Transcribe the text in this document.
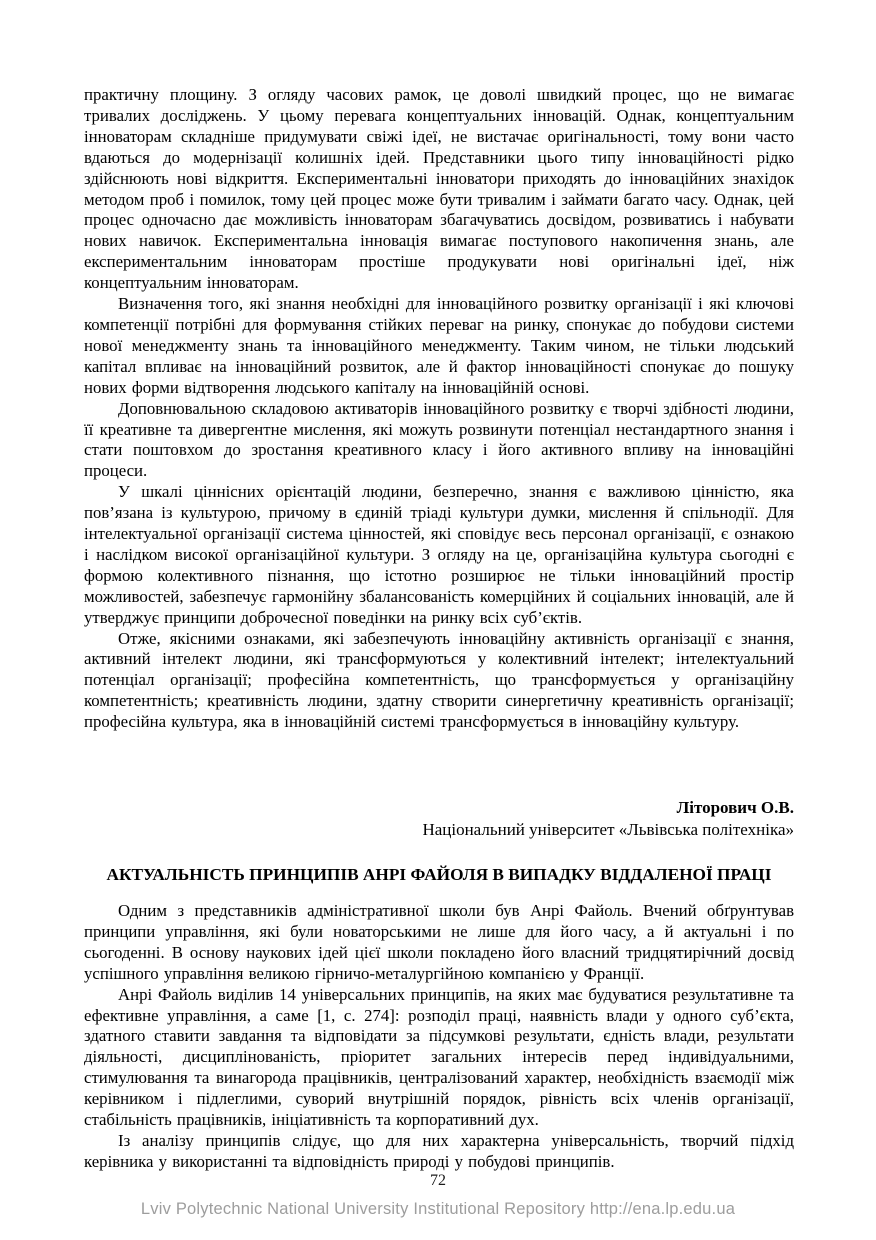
практичну площину. З огляду часових рамок, це доволі швидкий процес, що не вимагає тривалих досліджень. У цьому перевага концептуальних інновацій. Однак, концептуальним інноваторам складніше придумувати свіжі ідеї, не вистачає оригінальності, тому вони часто вдаються до модернізації колишніх ідей. Представники цього типу інноваційності рідко здійснюють нові відкриття. Експериментальні інноватори приходять до інноваційних знахідок методом проб і помилок, тому цей процес може бути тривалим і займати багато часу. Однак, цей процес одночасно дає можливість інноваторам збагачуватись досвідом, розвиватись і набувати нових навичок. Експериментальна інновація вимагає поступового накопичення знань, але експериментальним інноваторам простіше продукувати нові оригінальні ідеї, ніж концептуальним інноваторам.

Визначення того, які знання необхідні для інноваційного розвитку організації і які ключові компетенції потрібні для формування стійких переваг на ринку, спонукає до побудови системи нової менеджменту знань та інноваційного менеджменту. Таким чином, не тільки людський капітал впливає на інноваційний розвиток, але й фактор інноваційності спонукає до пошуку нових форми відтворення людського капіталу на інноваційній основі.

Доповнювальною складовою активаторів інноваційного розвитку є творчі здібності людини, її креативне та дивергентне мислення, які можуть розвинути потенціал нестандартного знання і стати поштовхом до зростання креативного класу і його активного впливу на інноваційні процеси.

У шкалі ціннісних орієнтацій людини, безперечно, знання є важливою цінністю, яка пов’язана із культурою, причому в єдиній тріаді культури думки, мислення й спільнодії. Для інтелектуальної організації система цінностей, які сповідує весь персонал організації, є ознакою і наслідком високої організаційної культури. З огляду на це, організаційна культура сьогодні є формою колективного пізнання, що істотно розширює не тільки інноваційний простір можливостей, забезпечує гармонійну збалансованість комерційних й соціальних інновацій, але й утверджує принципи доброчесної поведінки на ринку всіх суб’єктів.

Отже, якісними ознаками, які забезпечують інноваційну активність організації є знання, активний інтелект людини, які трансформуються у колективний інтелект; інтелектуальний потенціал організації; професійна компетентність, що трансформується у організаційну компетентність; креативність людини, здатну створити синергетичну креативність організації; професійна культура, яка в інноваційній системі трансформується в інноваційну культуру.

Літорович О.В.
Національний університет «Львівська політехніка»
АКТУАЛЬНІСТЬ ПРИНЦИПІВ АНРІ ФАЙОЛЯ В ВИПАДКУ ВІДДАЛЕНОЇ ПРАЦІ

Одним з представників адміністративної школи був Анрі Файоль. Вчений обґрунтував принципи управління, які були новаторськими не лише для його часу, а й актуальні і по сьогоденні. В основу наукових ідей цієї школи покладено його власний тридцятирічний досвід успішного управління великою гірничо-металургійною компанією у Франції.

Анрі Файоль виділив 14 універсальних принципів, на яких має будуватися результативне та ефективне управління, а саме [1, с. 274]: розподіл праці, наявність влади у одного суб’єкта, здатного ставити завдання та відповідати за підсумкові результати, єдність влади, результати діяльності, дисциплінованість, пріоритет загальних інтересів перед індивідуальними, стимулювання та винагорода працівників, централізований характер, необхідність взаємодії між керівником і підлеглими, суворий внутрішній порядок, рівність всіх членів організації, стабільність працівників, ініціативність та корпоративний дух.

Із аналізу принципів слідує, що для них характерна універсальність, творчий підхід керівника у використанні та відповідність природі у побудові принципів.

72
Lviv Polytechnic National University Institutional Repository http://ena.lp.edu.ua
